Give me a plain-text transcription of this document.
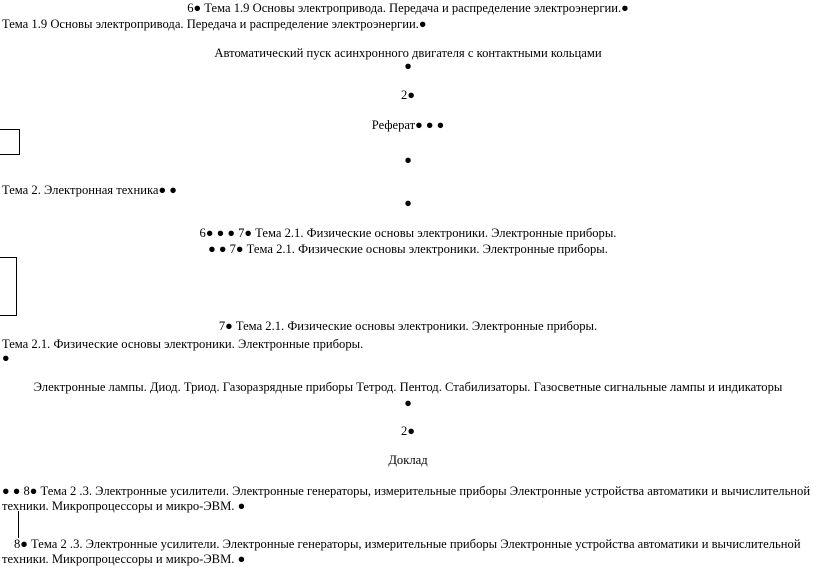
6● Тема 1.9 Основы электропривода. Передача и распределение электроэнергии.●
Тема 1.9 Основы электропривода. Передача и распределение электроэнергии.●
Автоматический пуск асинхронного двигателя с контактными кольцами
●
2●
Реферат● ● ●
●
Тема 2. Электронная техника● ●
●
6● ● ● 7● Тема 2.1. Физические основы электроники. Электронные приборы.
● ● 7● Тема 2.1. Физические основы электроники. Электронные приборы.
7● Тема 2.1. Физические основы электроники. Электронные приборы.
Тема 2.1. Физические основы электроники. Электронные приборы.
●
Электронные лампы. Диод. Триод. Газоразрядные приборы Тетрод. Пентод. Стабилизаторы. Газосветные сигнальные лампы и индикаторы
●
2●
Доклад
● ● 8● Тема 2 .3. Электронные усилители. Электронные генераторы, измерительные приборы Электронные устройства автоматики и вычислительной
техники. Микропроцессоры и микро-ЭВМ. ●
8● Тема 2 .3. Электронные усилители. Электронные генераторы, измерительные приборы Электронные устройства автоматики и вычислительной
техники. Микропроцессоры и микро-ЭВМ. ●
